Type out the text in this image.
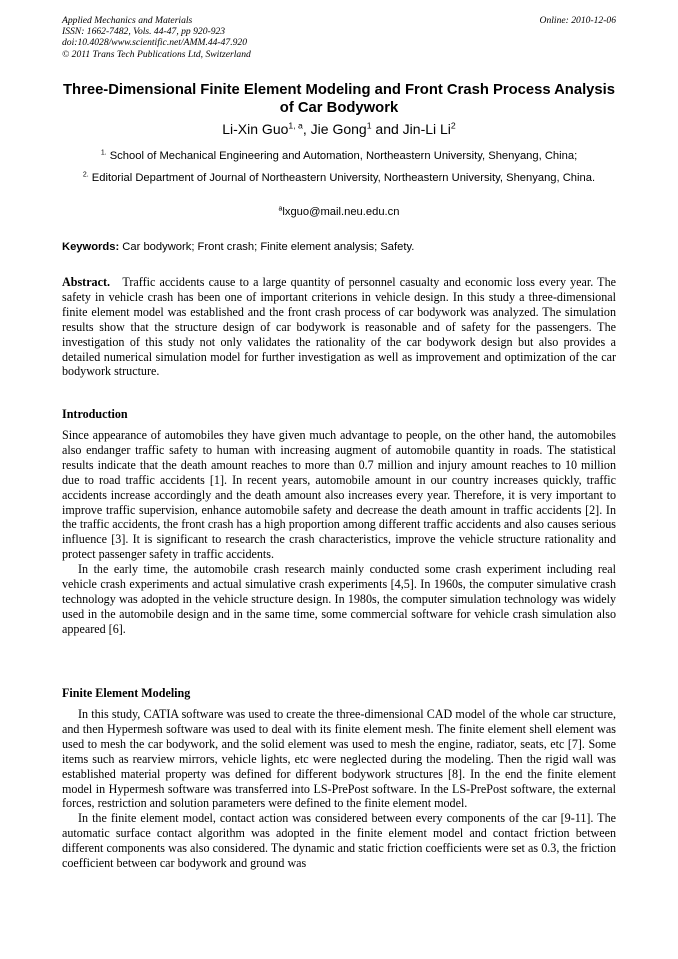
Applied Mechanics and Materials
ISSN: 1662-7482, Vols. 44-47, pp 920-923
doi:10.4028/www.scientific.net/AMM.44-47.920
© 2011 Trans Tech Publications Ltd, Switzerland
Online: 2010-12-06
Three-Dimensional Finite Element Modeling and Front Crash Process Analysis of Car Bodywork
Li-Xin Guo$^{1, a}$, Jie Gong$^1$ and Jin-Li Li$^2$
$^{1.}$ School of Mechanical Engineering and Automation, Northeastern University, Shenyang, China;
$^{2.}$ Editorial Department of Journal of Northeastern University, Northeastern University, Shenyang, China.
$^a$lxguo@mail.neu.edu.cn
Keywords: Car bodywork; Front crash; Finite element analysis; Safety.

Abstract. Traffic accidents cause to a large quantity of personnel casualty and economic loss every year. The safety in vehicle crash has been one of important criterions in vehicle design. In this study a three-dimensional finite element model was established and the front crash process of car bodywork was analyzed. The simulation results show that the structure design of car bodywork is reasonable and of safety for the passengers. The investigation of this study not only validates the rationality of the car bodywork design but also provides a detailed numerical simulation model for further investigation as well as improvement and optimization of the car bodywork structure.

Introduction

Since appearance of automobiles they have given much advantage to people, on the other hand, the automobiles also endanger traffic safety to human with increasing augment of automobile quantity in roads. The statistical results indicate that the death amount reaches to more than 0.7 million and injury amount reaches to 10 million due to road traffic accidents [1]. In recent years, automobile amount in our country increases quickly, traffic accidents increase accordingly and the death amount also increases every year. Therefore, it is very important to improve traffic supervision, enhance automobile safety and decrease the death amount in traffic accidents [2]. In the traffic accidents, the front crash has a high proportion among different traffic accidents and also causes serious influence [3]. It is significant to research the crash characteristics, improve the vehicle structure rationality and protect passenger safety in traffic accidents.

In the early time, the automobile crash research mainly conducted some crash experiment including real vehicle crash experiments and actual simulative crash experiments [4,5]. In 1960s, the computer simulative crash technology was adopted in the vehicle structure design. In 1980s, the computer simulation technology was widely used in the automobile design and in the same time, some commercial software for vehicle crash simulation also appeared [6].

Finite Element Modeling

In this study, CATIA software was used to create the three-dimensional CAD model of the whole car structure, and then Hypermesh software was used to deal with its finite element mesh. The finite element shell element was used to mesh the car bodywork, and the solid element was used to mesh the engine, radiator, seats, etc [7]. Some items such as rearview mirrors, vehicle lights, etc were neglected during the modeling. Then the rigid wall was established material property was defined for different bodywork structures [8]. In the end the finite element model in Hypermesh software was transferred into LS-PrePost software. In the LS-PrePost software, the external forces, restriction and solution parameters were defined to the finite element model.

In the finite element model, contact action was considered between every components of the car [9-11]. The automatic surface contact algorithm was adopted in the finite element model and contact friction between different components was also considered. The dynamic and static friction coefficients were set as 0.3, the friction coefficient between car bodywork and ground was
